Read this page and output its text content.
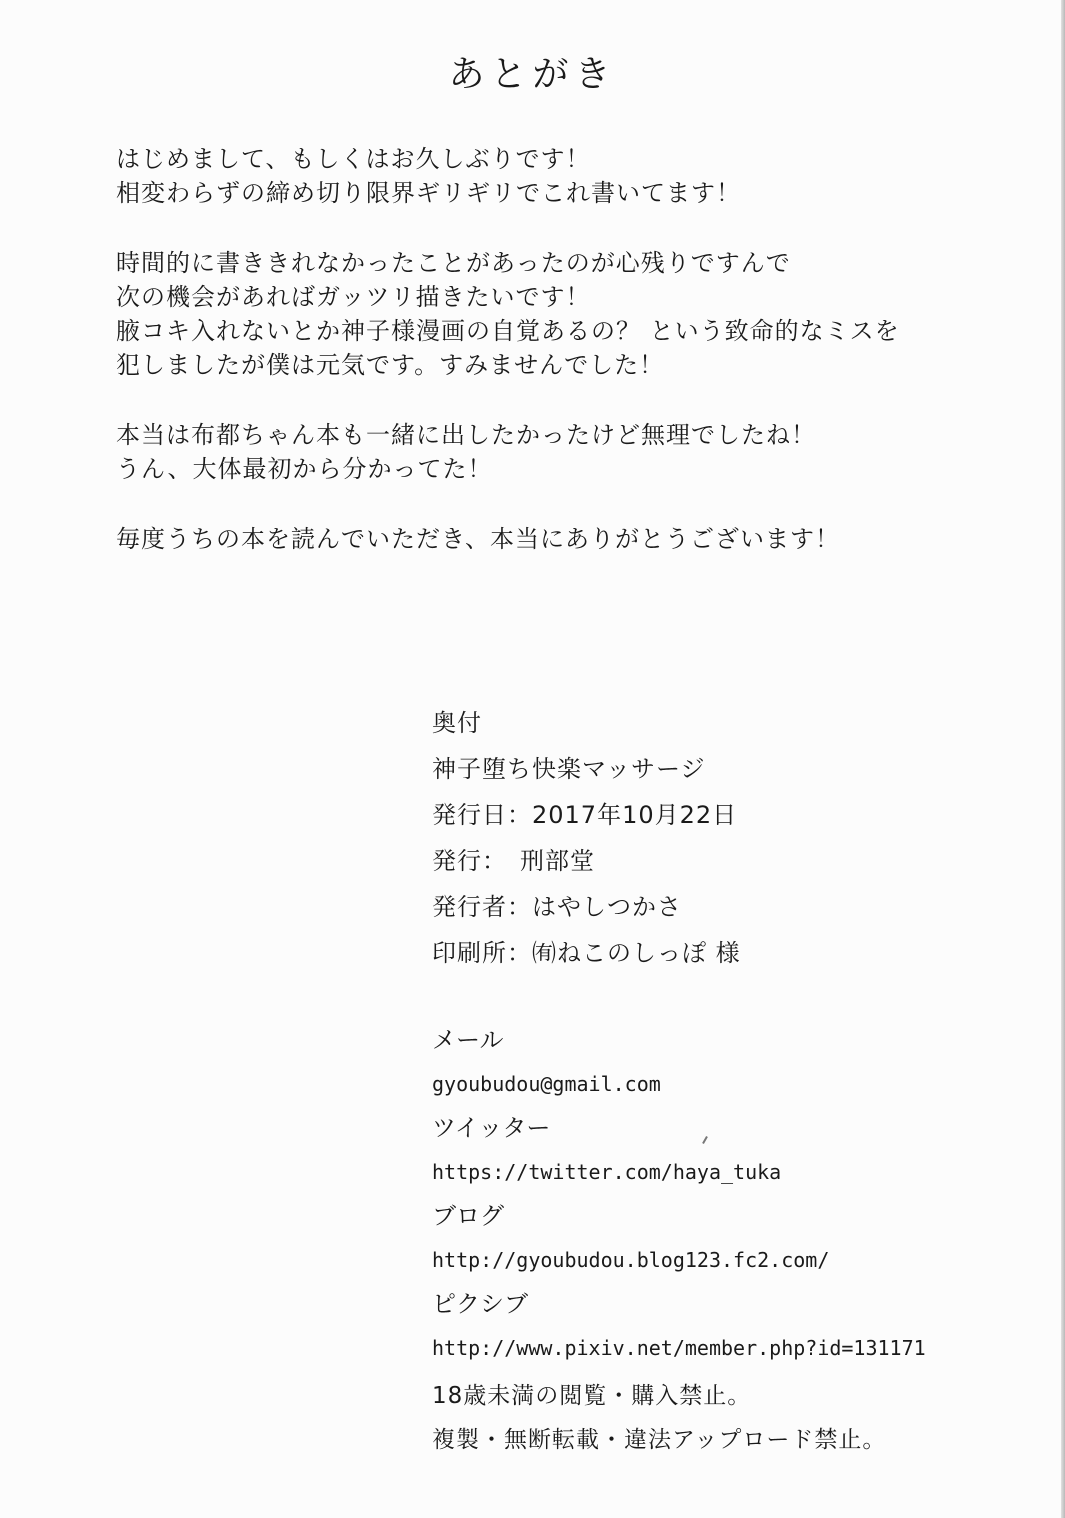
あとがき
はじめまして、もしくはお久しぶりです！
相変わらずの締め切り限界ギリギリでこれ書いてます！
時間的に書ききれなかったことがあったのが心残りですんで
次の機会があればガッツリ描きたいです！
腋コキ入れないとか神子様漫画の自覚あるの？ という致命的なミスを
犯しましたが僕は元気です。すみませんでした！
本当は布都ちゃん本も一緒に出したかったけど無理でしたね！
うん、大体最初から分かってた！
毎度うちの本を読んでいただき、本当にありがとうございます！
奥付
神子堕ち快楽マッサージ
発行日：2017年10月22日
発行：　刑部堂
発行者：はやしつかさ
印刷所：㈲ねこのしっぽ 様
メール
gyoubudou@gmail.com
ツイッター
https://twitter.com/haya_tuka
ブログ
http://gyoubudou.blog123.fc2.com/
ピクシブ
http://www.pixiv.net/member.php?id=131171
18歳未満の閲覧・購入禁止。
複製・無断転載・違法アップロード禁止。
